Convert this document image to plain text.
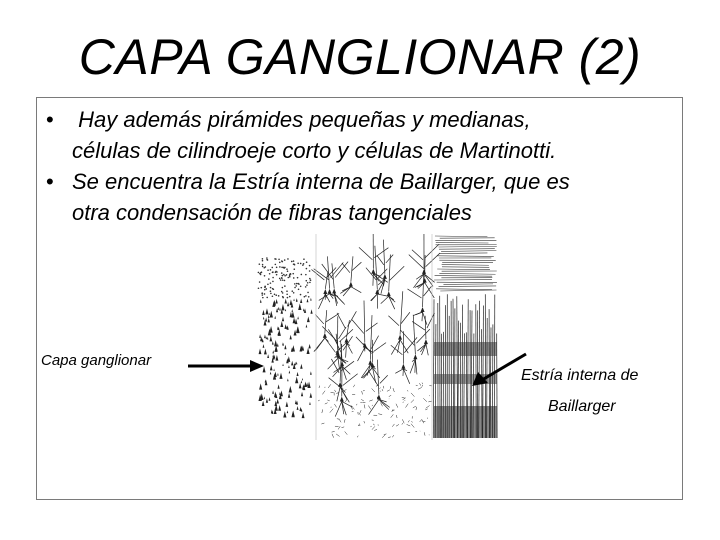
CAPA GANGLIONAR (2)
• Hay además pirámides pequeñas y medianas,
células de cilindroeje corto y células de Martinotti.
• Se encuentra la Estría interna de Baillarger, que es
otra condensación de fibras tangenciales
Capa ganglionar
Estría interna de
Baillarger
